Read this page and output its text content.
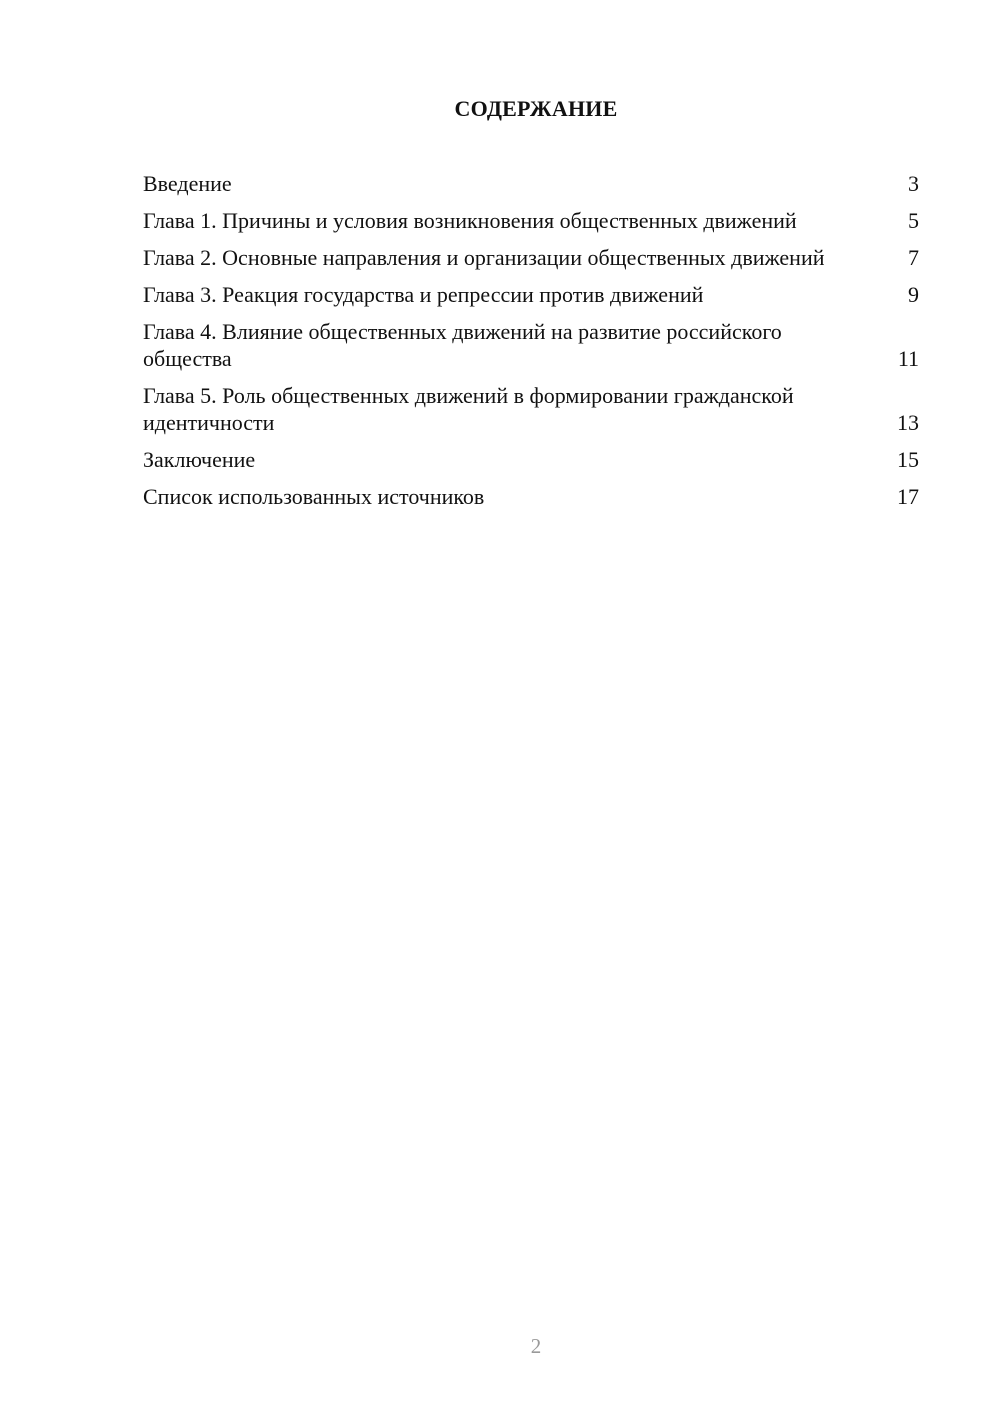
СОДЕРЖАНИЕ
Введение	3
Глава 1. Причины и условия возникновения общественных движений	5
Глава 2. Основные направления и организации общественных движений	7
Глава 3. Реакция государства и репрессии против движений	9
Глава 4. Влияние общественных движений на развитие российского общества	11
Глава 5. Роль общественных движений в формировании гражданской идентичности	13
Заключение	15
Список использованных источников	17
2
